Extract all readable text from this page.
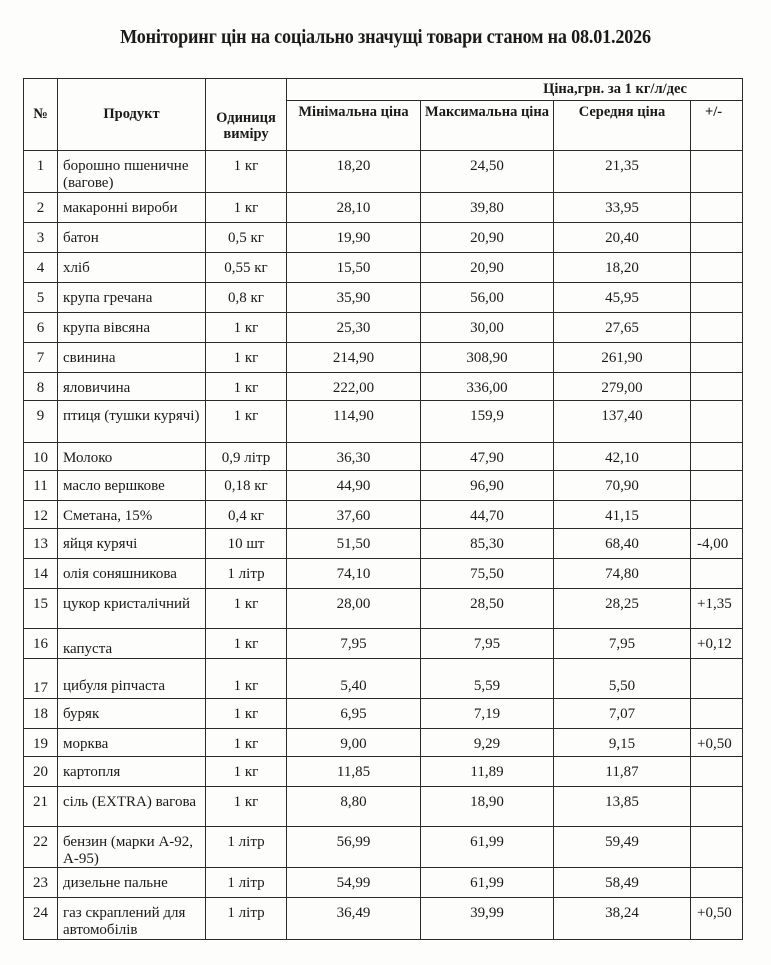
Моніторинг цін на соціально значущі товари станом на 08.01.2026
№	Продукт	Одиниця виміру	Ціна,грн. за 1 кг/л/дес			
			Мінімальна ціна	Максимальна ціна	Середня ціна	+/-
1	борошно пшеничне (вагове)	1 кг	18,20	24,50	21,35	
2	макаронні вироби	1 кг	28,10	39,80	33,95	
3	батон	0,5 кг	19,90	20,90	20,40	
4	хліб	0,55 кг	15,50	20,90	18,20	
5	крупа гречана	0,8 кг	35,90	56,00	45,95	
6	крупа вівсяна	1 кг	25,30	30,00	27,65	
7	свинина	1 кг	214,90	308,90	261,90	
8	яловичина	1 кг	222,00	336,00	279,00	
9	птиця (тушки курячі)	1 кг	114,90	159,9	137,40	
10	Молоко	0,9 літр	36,30	47,90	42,10	
11	масло вершкове	0,18 кг	44,90	96,90	70,90	
12	Сметана, 15%	0,4 кг	37,60	44,70	41,15	
13	яйця курячі	10 шт	51,50	85,30	68,40	-4,00
14	олія соняшникова	1 літр	74,10	75,50	74,80	
15	цукор кристалічний	1 кг	28,00	28,50	28,25	+1,35
16	капуста	1 кг	7,95	7,95	7,95	+0,12
17	цибуля ріпчаста	1 кг	5,40	5,59	5,50	
18	буряк	1 кг	6,95	7,19	7,07	
19	морква	1 кг	9,00	9,29	9,15	+0,50
20	картопля	1 кг	11,85	11,89	11,87	
21	сіль (EXTRA) вагова	1 кг	8,80	18,90	13,85	
22	бензин (марки А-92, А-95)	1 літр	56,99	61,99	59,49	
23	дизельне пальне	1 літр	54,99	61,99	58,49	
24	газ скраплений для автомобілів	1 літр	36,49	39,99	38,24	+0,50
